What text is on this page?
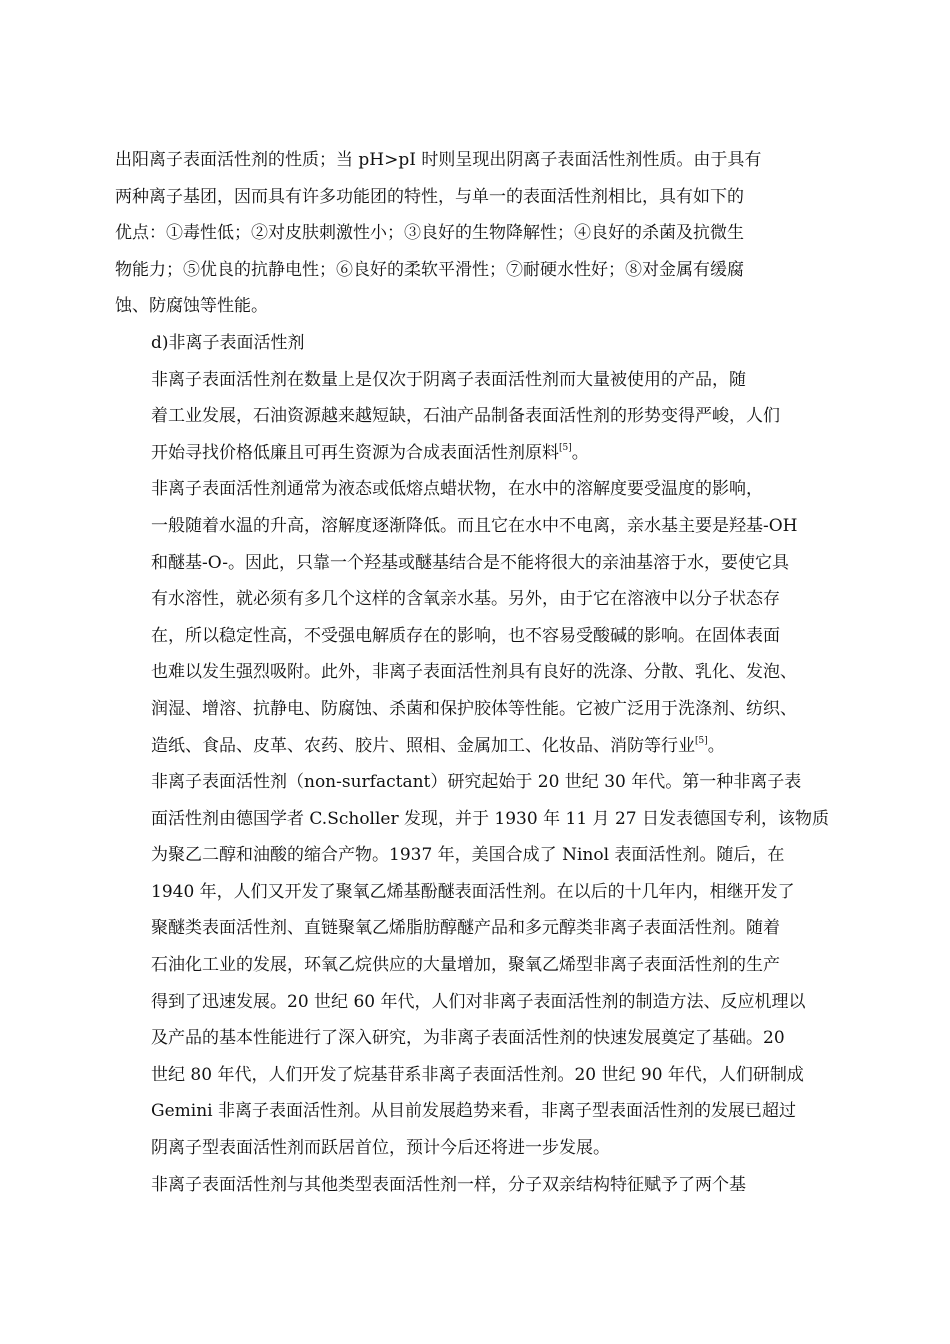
出阳离子表面活性剂的性质；当 pH>pI 时则呈现出阴离子表面活性剂性质。由于具有
两种离子基团，因而具有许多功能团的特性，与单一的表面活性剂相比，具有如下的
优点：①毒性低；②对皮肤刺激性小；③良好的生物降解性；④良好的杀菌及抗微生
物能力；⑤优良的抗静电性；⑥良好的柔软平滑性；⑦耐硬水性好；⑧对金属有缓腐
蚀、防腐蚀等性能。

d)非离子表面活性剂

非离子表面活性剂在数量上是仅次于阴离子表面活性剂而大量被使用的产品，随
着工业发展，石油资源越来越短缺，石油产品制备表面活性剂的形势变得严峻，人们
开始寻找价格低廉且可再生资源为合成表面活性剂原料[5]。

非离子表面活性剂通常为液态或低熔点蜡状物，在水中的溶解度要受温度的影响，
一般随着水温的升高，溶解度逐渐降低。而且它在水中不电离，亲水基主要是羟基-OH
和醚基-O-。因此，只靠一个羟基或醚基结合是不能将很大的亲油基溶于水，要使它具
有水溶性，就必须有多几个这样的含氧亲水基。另外，由于它在溶液中以分子状态存
在，所以稳定性高，不受强电解质存在的影响，也不容易受酸碱的影响。在固体表面
也难以发生强烈吸附。此外，非离子表面活性剂具有良好的洗涤、分散、乳化、发泡、
润湿、增溶、抗静电、防腐蚀、杀菌和保护胶体等性能。它被广泛用于洗涤剂、纺织、
造纸、食品、皮革、农药、胶片、照相、金属加工、化妆品、消防等行业[5]。

非离子表面活性剂（non-surfactant）研究起始于 20 世纪 30 年代。第一种非离子表
面活性剂由德国学者 C.Scholler 发现，并于 1930 年 11 月 27 日发表德国专利，该物质
为聚乙二醇和油酸的缩合产物。1937 年，美国合成了 Ninol 表面活性剂。随后，在
1940 年，人们又开发了聚氧乙烯基酚醚表面活性剂。在以后的十几年内，相继开发了
聚醚类表面活性剂、直链聚氧乙烯脂肪醇醚产品和多元醇类非离子表面活性剂。随着
石油化工业的发展，环氧乙烷供应的大量增加，聚氧乙烯型非离子表面活性剂的生产
得到了迅速发展。20 世纪 60 年代，人们对非离子表面活性剂的制造方法、反应机理以
及产品的基本性能进行了深入研究，为非离子表面活性剂的快速发展奠定了基础。20
世纪 80 年代，人们开发了烷基苷系非离子表面活性剂。20 世纪 90 年代，人们研制成
Gemini 非离子表面活性剂。从目前发展趋势来看，非离子型表面活性剂的发展已超过
阴离子型表面活性剂而跃居首位，预计今后还将进一步发展。

非离子表面活性剂与其他类型表面活性剂一样，分子双亲结构特征赋予了两个基
